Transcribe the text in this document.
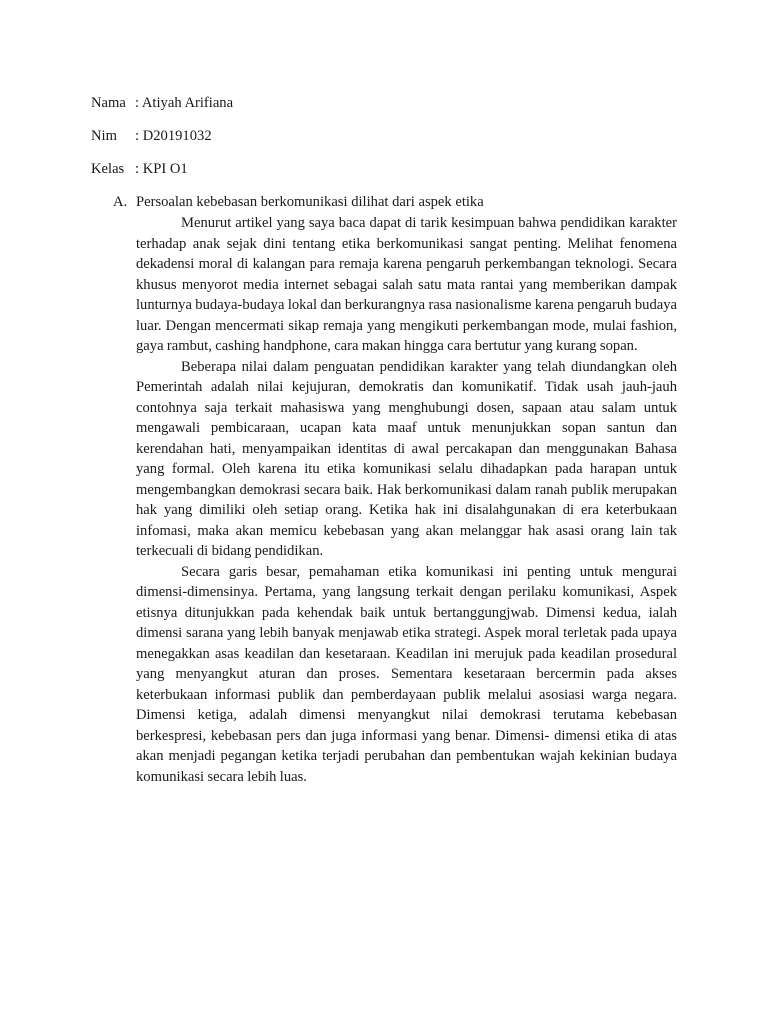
Nama : Atiyah Arifiana
Nim : D20191032
Kelas : KPI O1
A. Persoalan kebebasan berkomunikasi dilihat dari aspek etika

Menurut artikel yang saya baca dapat di tarik kesimpuan bahwa pendidikan karakter terhadap anak sejak dini tentang etika berkomunikasi sangat penting. Melihat fenomena dekadensi moral di kalangan para remaja karena pengaruh perkembangan teknologi. Secara khusus menyorot media internet sebagai salah satu mata rantai yang memberikan dampak lunturnya budaya-budaya lokal dan berkurangnya rasa nasionalisme karena pengaruh budaya luar. Dengan mencermati sikap remaja yang mengikuti perkembangan mode, mulai fashion, gaya rambut, cashing handphone, cara makan hingga cara bertutur yang kurang sopan.

Beberapa nilai dalam penguatan pendidikan karakter yang telah diundangkan oleh Pemerintah adalah nilai kejujuran, demokratis dan komunikatif. Tidak usah jauh-jauh contohnya saja terkait mahasiswa yang menghubungi dosen, sapaan atau salam untuk mengawali pembicaraan, ucapan kata maaf untuk menunjukkan sopan santun dan kerendahan hati, menyampaikan identitas di awal percakapan dan menggunakan Bahasa yang formal. Oleh karena itu etika komunikasi selalu dihadapkan pada harapan untuk mengembangkan demokrasi secara baik. Hak berkomunikasi dalam ranah publik merupakan hak yang dimiliki oleh setiap orang. Ketika hak ini disalahgunakan di era keterbukaan infomasi, maka akan memicu kebebasan yang akan melanggar hak asasi orang lain tak terkecuali di bidang pendidikan.

Secara garis besar, pemahaman etika komunikasi ini penting untuk mengurai dimensi-dimensinya. Pertama, yang langsung terkait dengan perilaku komunikasi, Aspek etisnya ditunjukkan pada kehendak baik untuk bertanggungjwab. Dimensi kedua, ialah dimensi sarana yang lebih banyak menjawab etika strategi. Aspek moral terletak pada upaya menegakkan asas keadilan dan kesetaraan. Keadilan ini merujuk pada keadilan prosedural yang menyangkut aturan dan proses. Sementara kesetaraan bercermin pada akses keterbukaan informasi publik dan pemberdayaan publik melalui asosiasi warga negara. Dimensi ketiga, adalah dimensi menyangkut nilai demokrasi terutama kebebasan berkespresi, kebebasan pers dan juga informasi yang benar. Dimensi- dimensi etika di atas akan menjadi pegangan ketika terjadi perubahan dan pembentukan wajah kekinian budaya komunikasi secara lebih luas.
